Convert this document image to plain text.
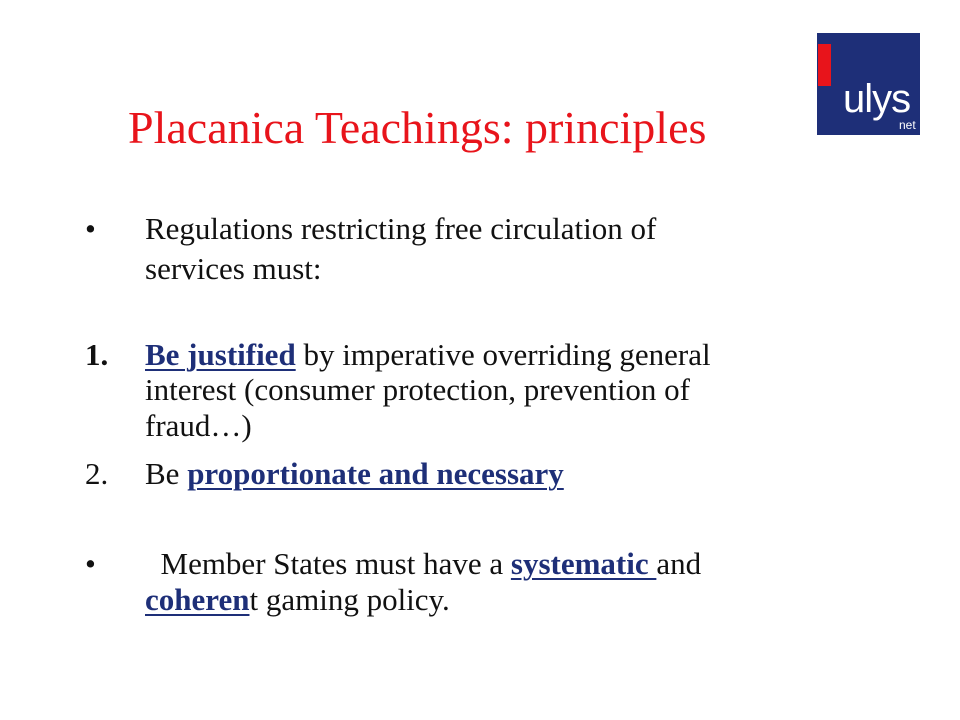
Placanica Teachings: principles
ulys
net
• Regulations restricting free circulation of
services must:
1. Be justified by imperative overriding general
interest (consumer protection, prevention of
fraud…)
2. Be proportionate and necessary
• Member States must have a systematic and
coherent gaming policy.
